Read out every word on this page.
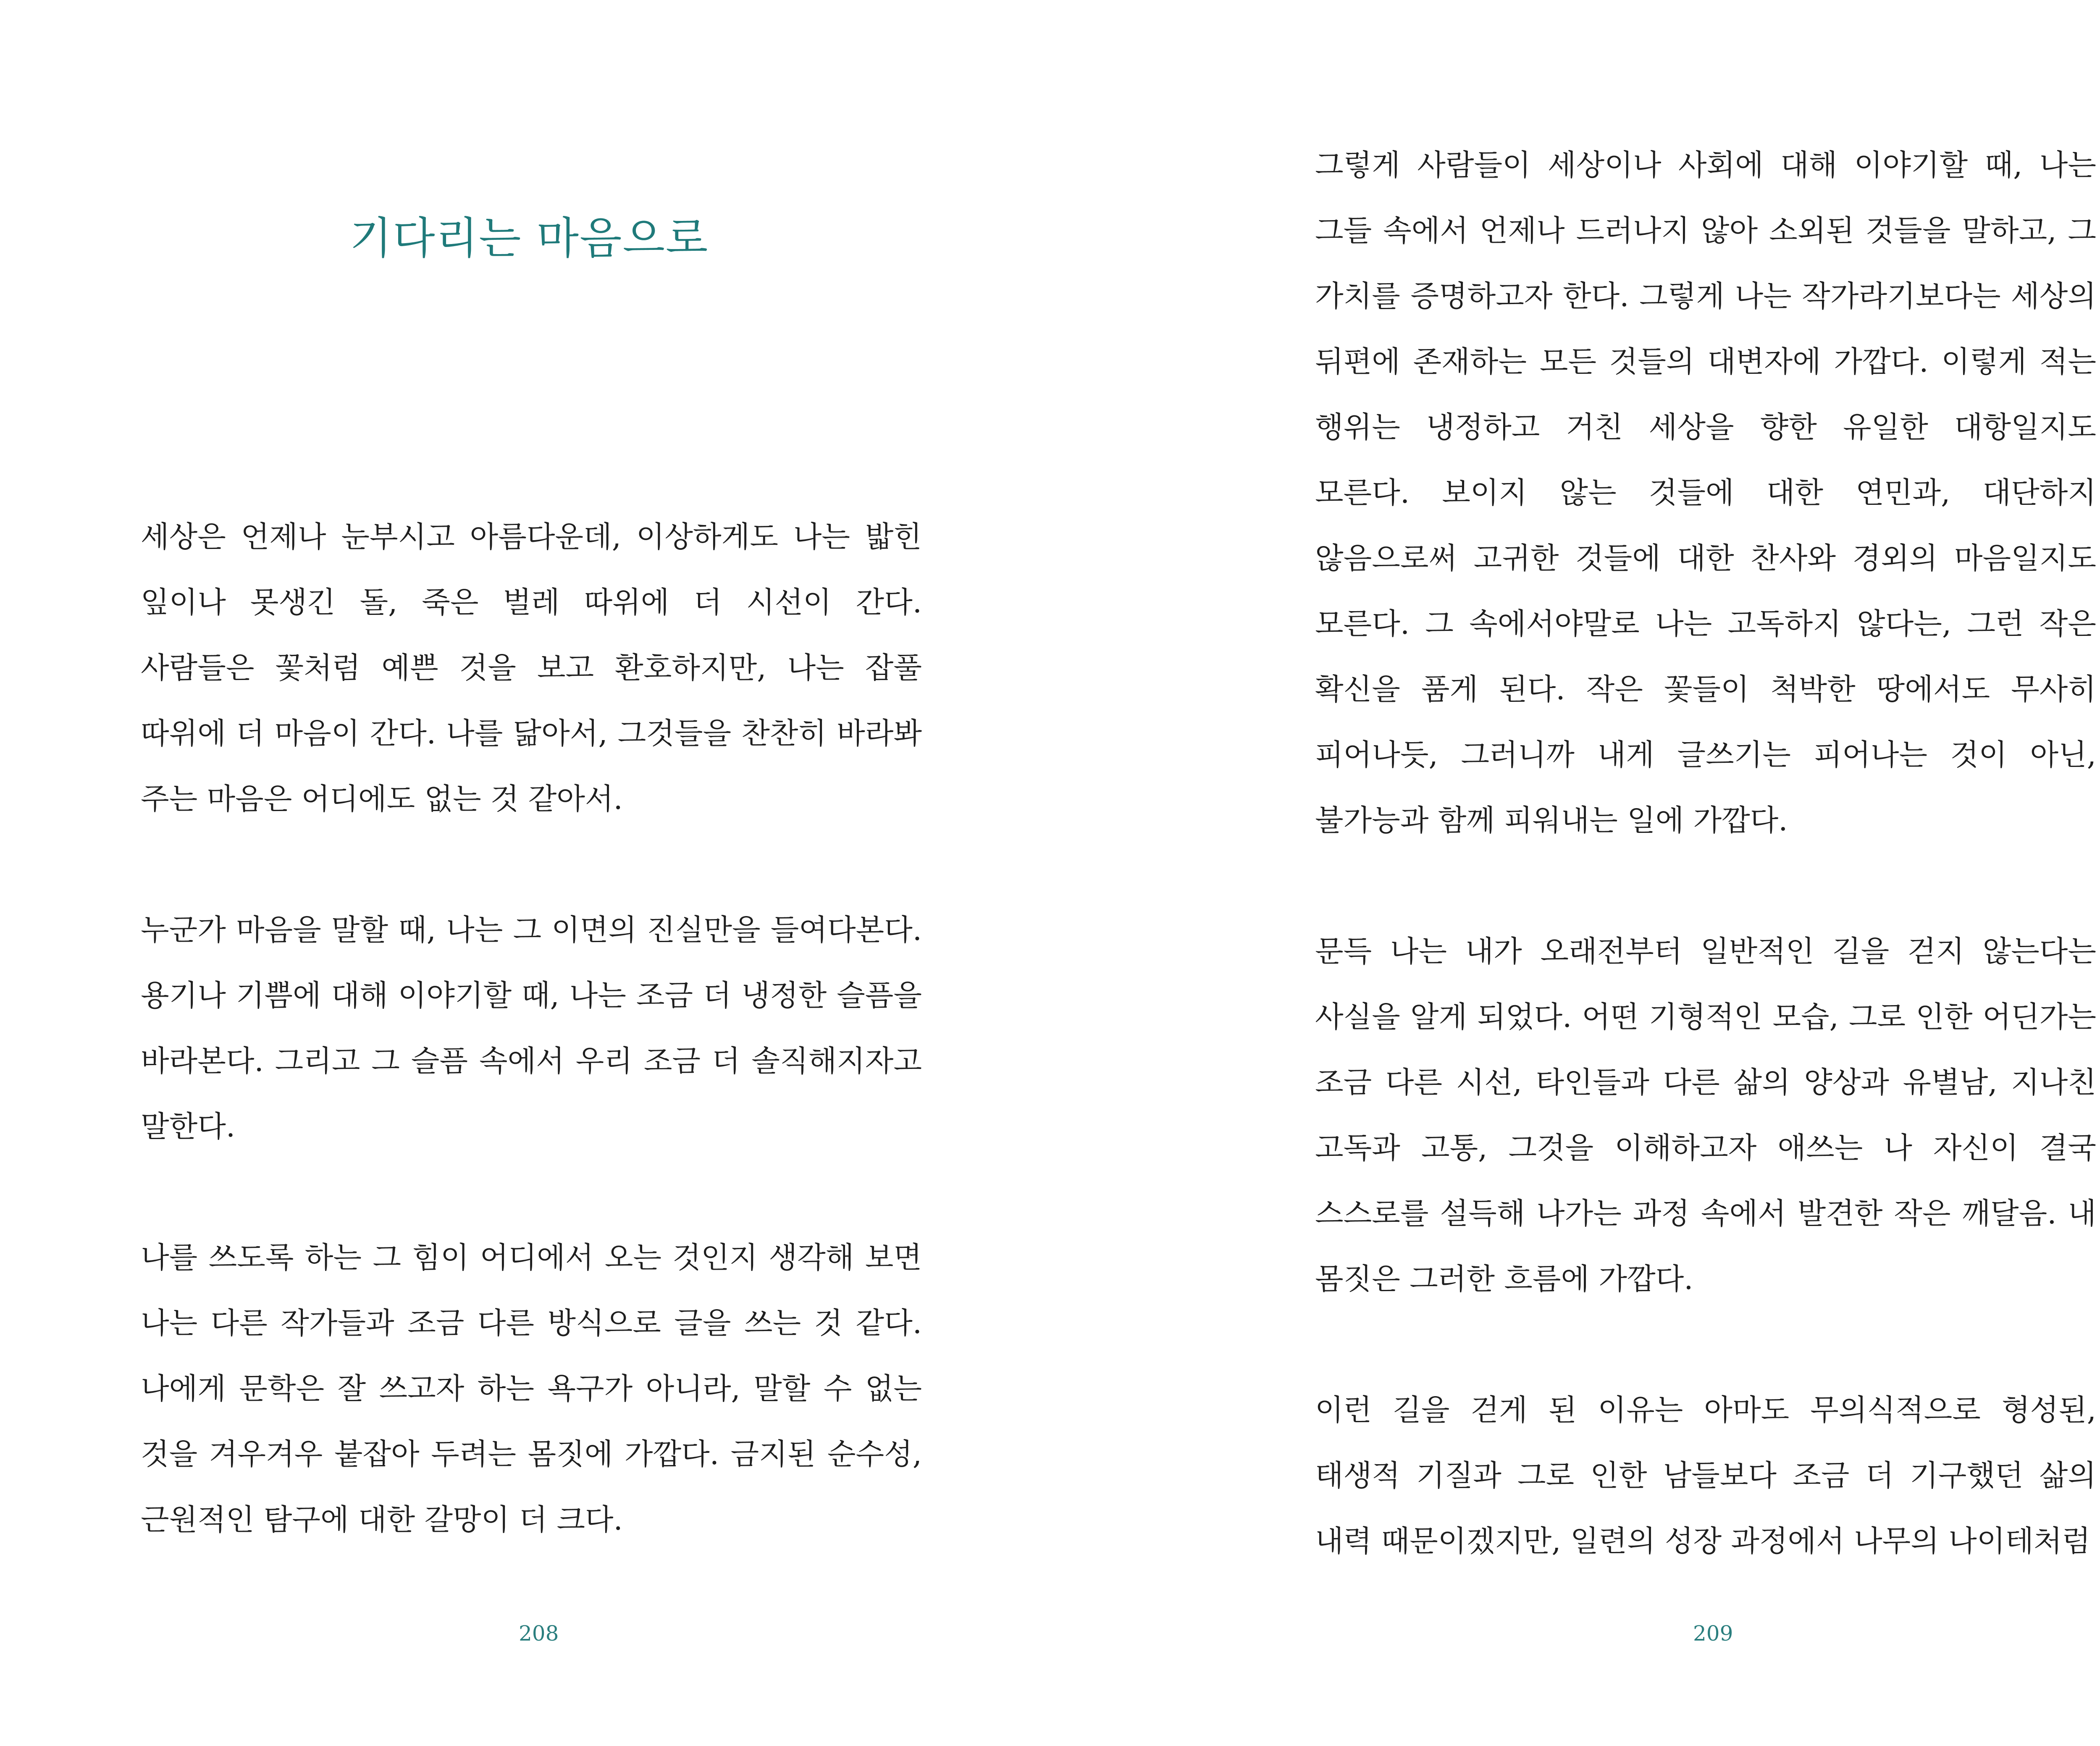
기다리는 마음으로

세상은 언제나 눈부시고 아름다운데, 이상하게도 나는 밟힌 잎이나 못생긴 돌, 죽은 벌레 따위에 더 시선이 간다. 사람들은 꽃처럼 예쁜 것을 보고 환호하지만, 나는 잡풀 따위에 더 마음이 간다. 나를 닮아서, 그것들을 찬찬히 바라봐 주는 마음은 어디에도 없는 것 같아서.

누군가 마음을 말할 때, 나는 그 이면의 진실만을 들여다본다. 용기나 기쁨에 대해 이야기할 때, 나는 조금 더 냉정한 슬픔을 바라본다. 그리고 그 슬픔 속에서 우리 조금 더 솔직해지자고 말한다.

나를 쓰도록 하는 그 힘이 어디에서 오는 것인지 생각해 보면 나는 다른 작가들과 조금 다른 방식으로 글을 쓰는 것 같다. 나에게 문학은 잘 쓰고자 하는 욕구가 아니라, 말할 수 없는 것을 겨우겨우 붙잡아 두려는 몸짓에 가깝다. 금지된 순수성, 근원적인 탐구에 대한 갈망이 더 크다.

208

그렇게 사람들이 세상이나 사회에 대해 이야기할 때, 나는 그들 속에서 언제나 드러나지 않아 소외된 것들을 말하고, 그 가치를 증명하고자 한다. 그렇게 나는 작가라기보다는 세상의 뒤편에 존재하는 모든 것들의 대변자에 가깝다. 이렇게 적는 행위는 냉정하고 거친 세상을 향한 유일한 대항일지도 모른다. 보이지 않는 것들에 대한 연민과, 대단하지 않음으로써 고귀한 것들에 대한 찬사와 경외의 마음일지도 모른다. 그 속에서야말로 나는 고독하지 않다는, 그런 작은 확신을 품게 된다. 작은 꽃들이 척박한 땅에서도 무사히 피어나듯, 그러니까 내게 글쓰기는 피어나는 것이 아닌, 불가능과 함께 피워내는 일에 가깝다.

문득 나는 내가 오래전부터 일반적인 길을 걷지 않는다는 사실을 알게 되었다. 어떤 기형적인 모습, 그로 인한 어딘가는 조금 다른 시선, 타인들과 다른 삶의 양상과 유별남, 지나친 고독과 고통, 그것을 이해하고자 애쓰는 나 자신이 결국 스스로를 설득해 나가는 과정 속에서 발견한 작은 깨달음. 내 몸짓은 그러한 흐름에 가깝다.

이런 길을 걷게 된 이유는 아마도 무의식적으로 형성된, 태생적 기질과 그로 인한 남들보다 조금 더 기구했던 삶의 내력 때문이겠지만, 일련의 성장 과정에서 나무의 나이테처럼

209
